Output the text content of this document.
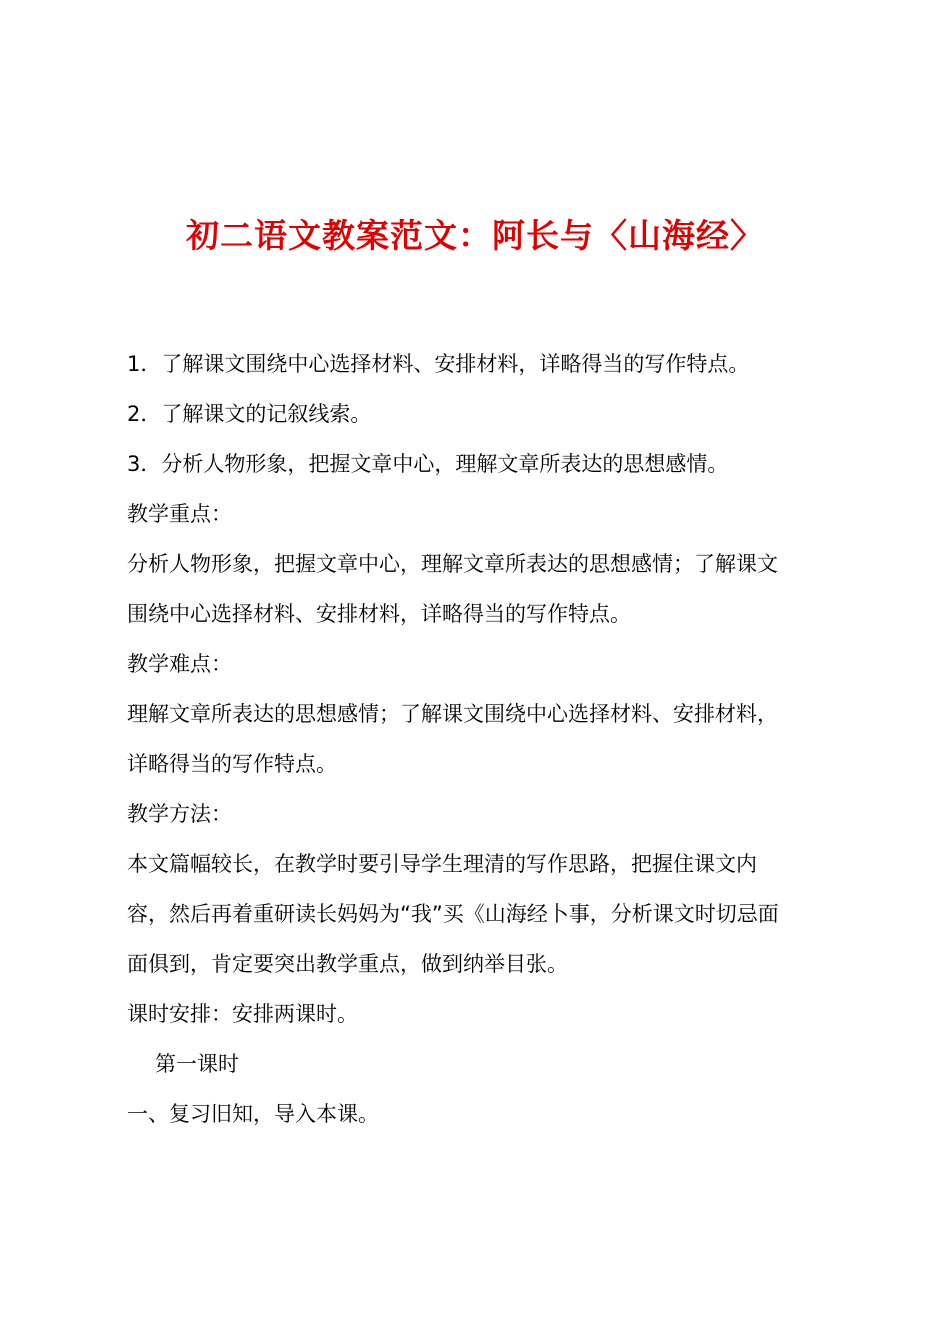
初二语文教案范文：阿长与〈山海经〉

1．了解课文围绕中心选择材料、安排材料，详略得当的写作特点。

2．了解课文的记叙线索。

3．分析人物形象，把握文章中心，理解文章所表达的思想感情。

教学重点：

分析人物形象，把握文章中心，理解文章所表达的思想感情；了解课文

围绕中心选择材料、安排材料，详略得当的写作特点。

教学难点：

理解文章所表达的思想感情；了解课文围绕中心选择材料、安排材料，

详略得当的写作特点。

教学方法：

本文篇幅较长，在教学时要引导学生理清的写作思路，把握住课文内

容，然后再着重研读长妈妈为“我”买《山海经卜事，分析课文时切忌面

面俱到，肯定要突出教学重点，做到纳举目张。

课时安排：安排两课时。

第一课时

一、复习旧知，导入本课。
